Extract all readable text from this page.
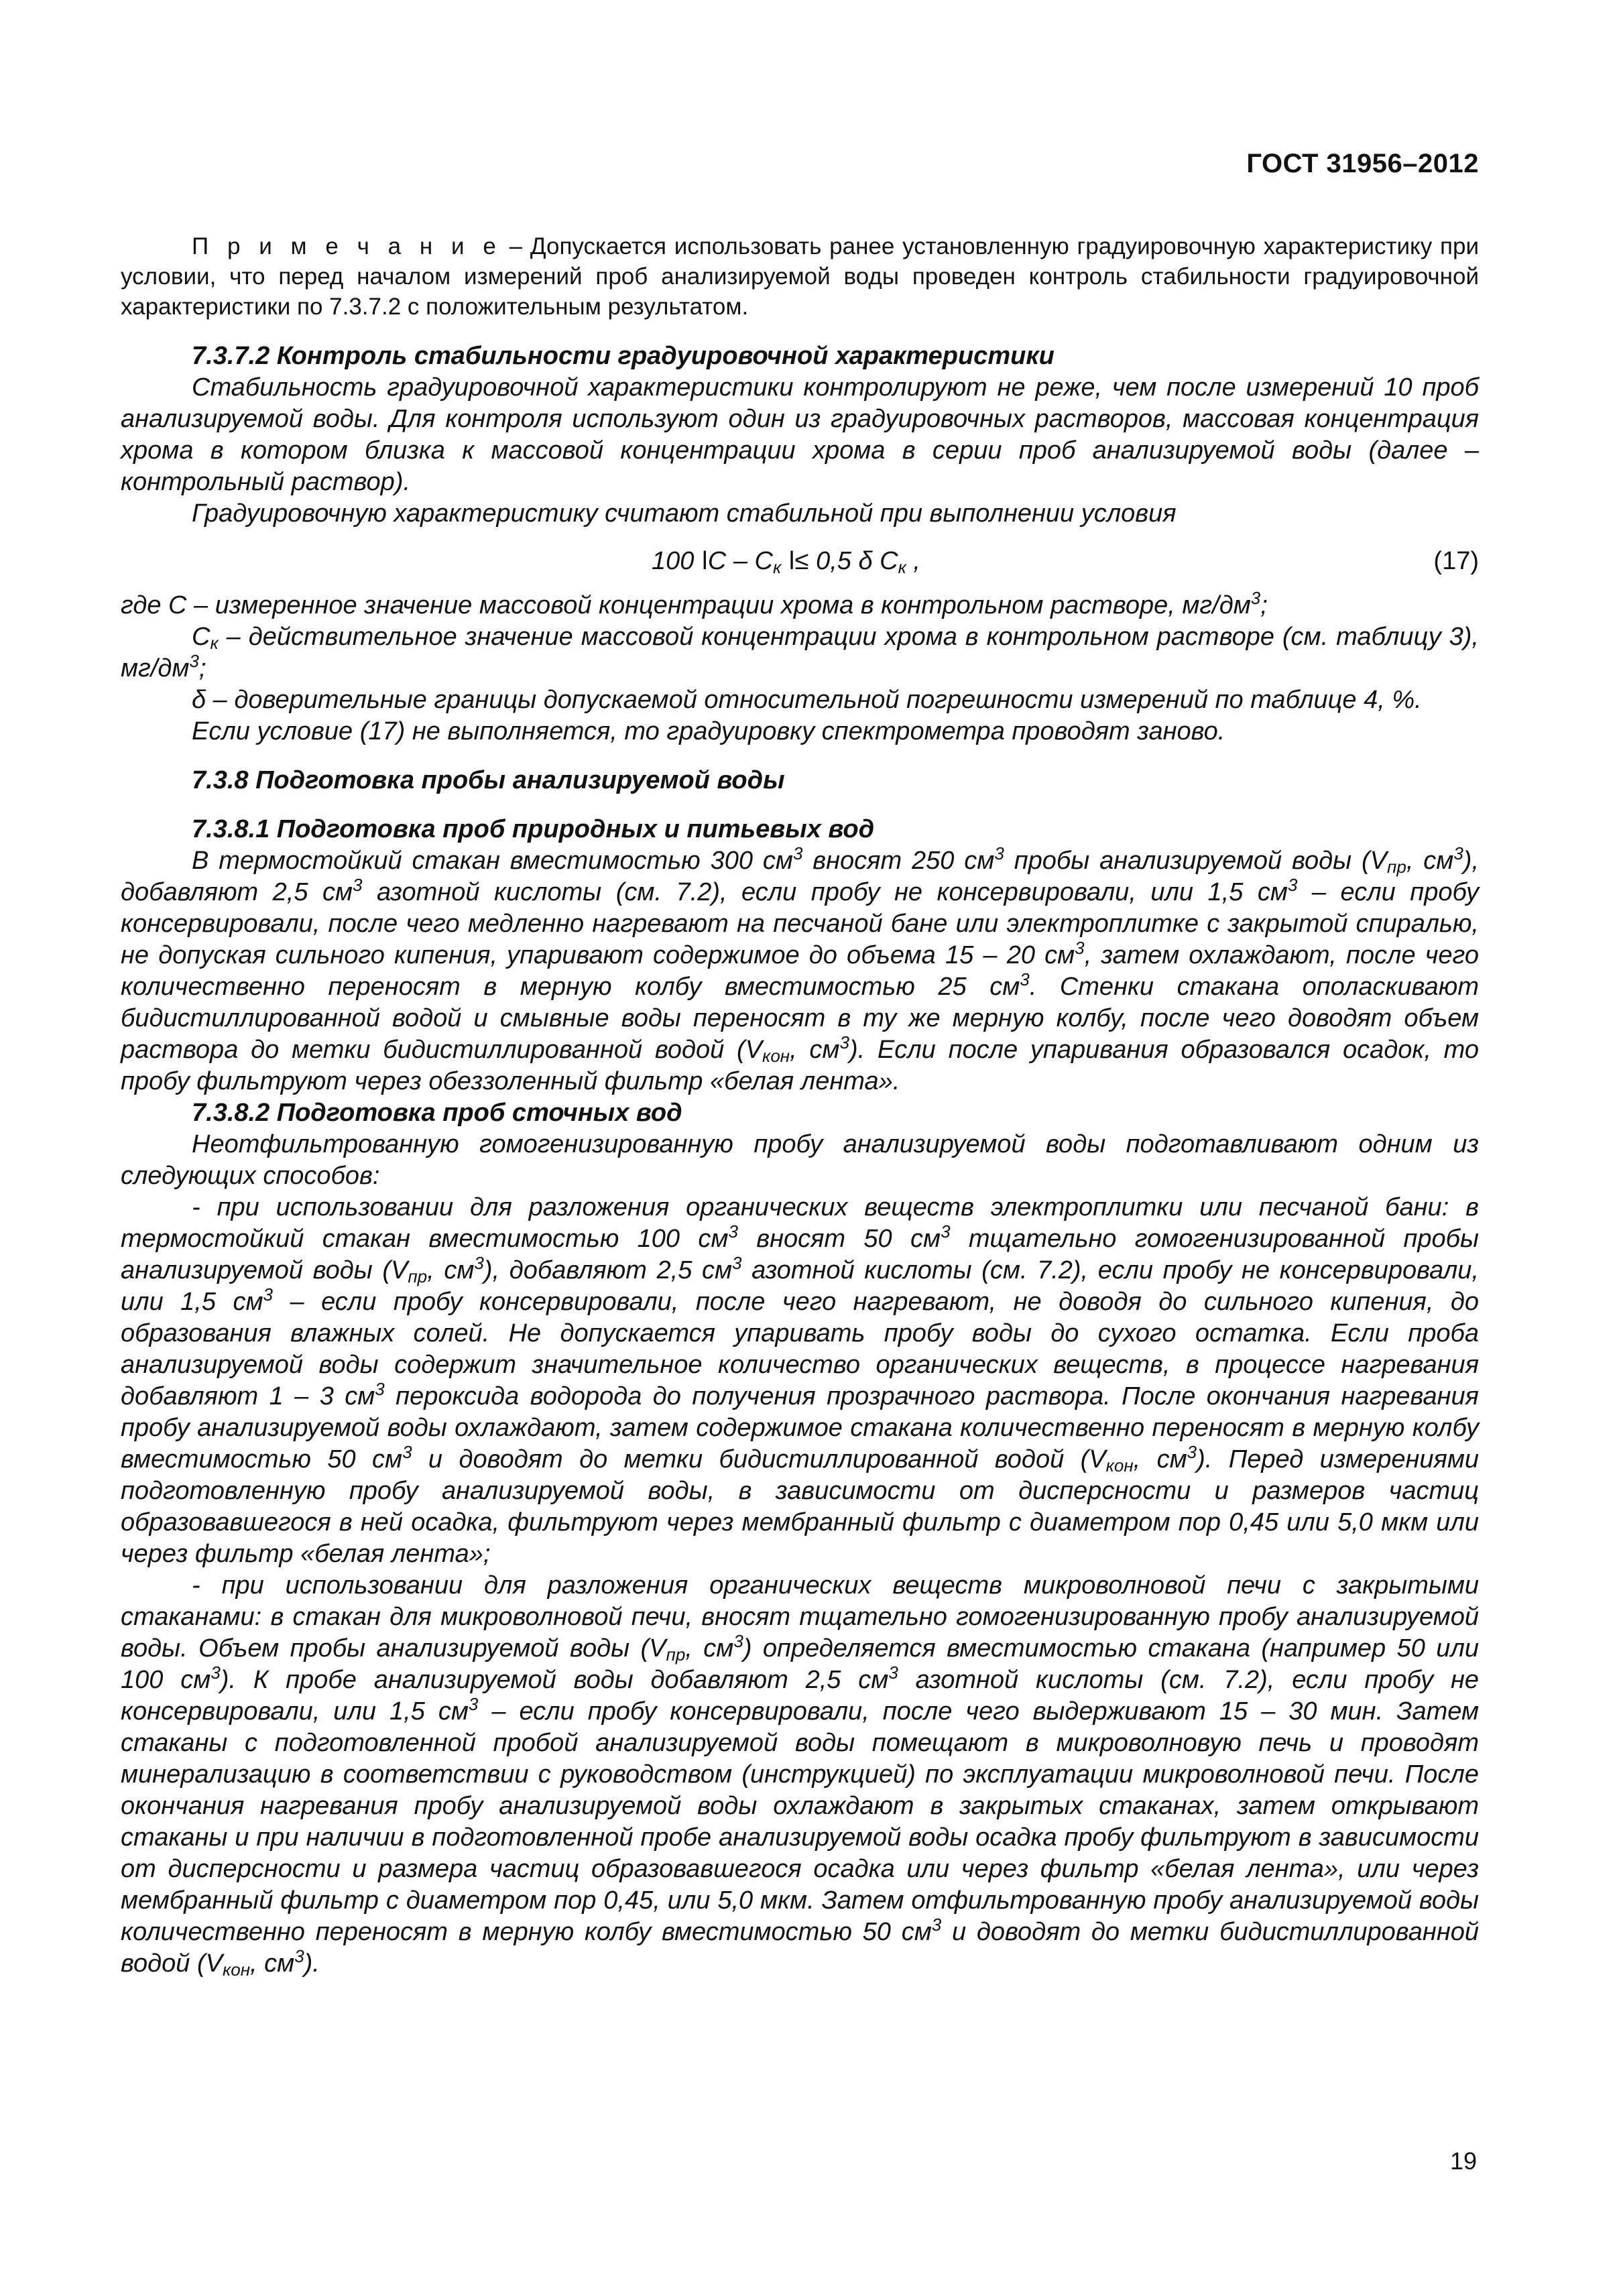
ГОСТ 31956–2012

П р и м е ч а н и е – Допускается использовать ранее установленную градуировочную характеристику при условии, что перед началом измерений проб анализируемой воды проведен контроль стабильности градуировочной характеристики по 7.3.7.2 с положительным результатом.

7.3.7.2 Контроль стабильности градуировочной характеристики

Стабильность градуировочной характеристики контролируют не реже, чем после измерений 10 проб анализируемой воды. Для контроля используют один из градуировочных растворов, массовая концентрация хрома в котором близка к массовой концентрации хрома в серии проб анализируемой воды (далее – контрольный раствор).

Градуировочную характеристику считают стабильной при выполнении условия

100 ǀC – $C_к$ ǀ≤ 0,5 δ $C_к$ ,	(17)

где C – измеренное значение массовой концентрации хрома в контрольном растворе, $мг/дм^3$;

$C_к$ – действительное значение массовой концентрации хрома в контрольном растворе (см. таблицу 3), $мг/дм^3$;

δ – доверительные границы допускаемой относительной погрешности измерений по таблице 4, %.

Если условие (17) не выполняется, то градуировку спектрометра проводят заново.

7.3.8 Подготовка пробы анализируемой воды

7.3.8.1 Подготовка проб природных и питьевых вод

В термостойкий стакан вместимостью 300 $см^3$ вносят 250 $см^3$ пробы анализируемой воды ($V_{пр}$, $см^3$), добавляют 2,5 $см^3$ азотной кислоты (см. 7.2), если пробу не консервировали, или 1,5 $см^3$ – если пробу консервировали, после чего медленно нагревают на песчаной бане или электроплитке с закрытой спиралью, не допуская сильного кипения, упаривают содержимое до объема 15 – 20 $см^3$, затем охлаждают, после чего количественно переносят в мерную колбу вместимостью 25 $см^3$. Стенки стакана ополаскивают бидистиллированной водой и смывные воды переносят в ту же мерную колбу, после чего доводят объем раствора до метки бидистиллированной водой ($V_{кон}$, $см^3$). Если после упаривания образовался осадок, то пробу фильтруют через обеззоленный фильтр «белая лента».

7.3.8.2 Подготовка проб сточных вод

Неотфильтрованную гомогенизированную пробу анализируемой воды подготавливают одним из следующих способов:

- при использовании для разложения органических веществ электроплитки или песчаной бани: в термостойкий стакан вместимостью 100 $см^3$ вносят 50 $см^3$ тщательно гомогенизированной пробы анализируемой воды ($V_{пр}$, $см^3$), добавляют 2,5 $см^3$ азотной кислоты (см. 7.2), если пробу не консервировали, или 1,5 $см^3$ – если пробу консервировали, после чего нагревают, не доводя до сильного кипения, до образования влажных солей. Не допускается упаривать пробу воды до сухого остатка. Если проба анализируемой воды содержит значительное количество органических веществ, в процессе нагревания добавляют 1 – 3 $см^3$ пероксида водорода до получения прозрачного раствора. После окончания нагревания пробу анализируемой воды охлаждают, затем содержимое стакана количественно переносят в мерную колбу вместимостью 50 $см^3$ и доводят до метки бидистиллированной водой ($V_{кон}$, $см^3$). Перед измерениями подготовленную пробу анализируемой воды, в зависимости от дисперсности и размеров частиц образовавшегося в ней осадка, фильтруют через мембранный фильтр с диаметром пор 0,45 или 5,0 мкм или через фильтр «белая лента»;

- при использовании для разложения органических веществ микроволновой печи с закрытыми стаканами: в стакан для микроволновой печи, вносят тщательно гомогенизированную пробу анализируемой воды. Объем пробы анализируемой воды ($V_{пр}$, $см^3$) определяется вместимостью стакана (например 50 или 100 $см^3$). К пробе анализируемой воды добавляют 2,5 $см^3$ азотной кислоты (см. 7.2), если пробу не консервировали, или 1,5 $см^3$ – если пробу консервировали, после чего выдерживают 15 – 30 мин. Затем стаканы с подготовленной пробой анализируемой воды помещают в микроволновую печь и проводят минерализацию в соответствии с руководством (инструкцией) по эксплуатации микроволновой печи. После окончания нагревания пробу анализируемой воды охлаждают в закрытых стаканах, затем открывают стаканы и при наличии в подготовленной пробе анализируемой воды осадка пробу фильтруют в зависимости от дисперсности и размера частиц образовавшегося осадка или через фильтр «белая лента», или через мембранный фильтр с диаметром пор 0,45, или 5,0 мкм. Затем отфильтрованную пробу анализируемой воды количественно переносят в мерную колбу вместимостью 50 $см^3$ и доводят до метки бидистиллированной водой ($V_{кон}$, $см^3$).

19
